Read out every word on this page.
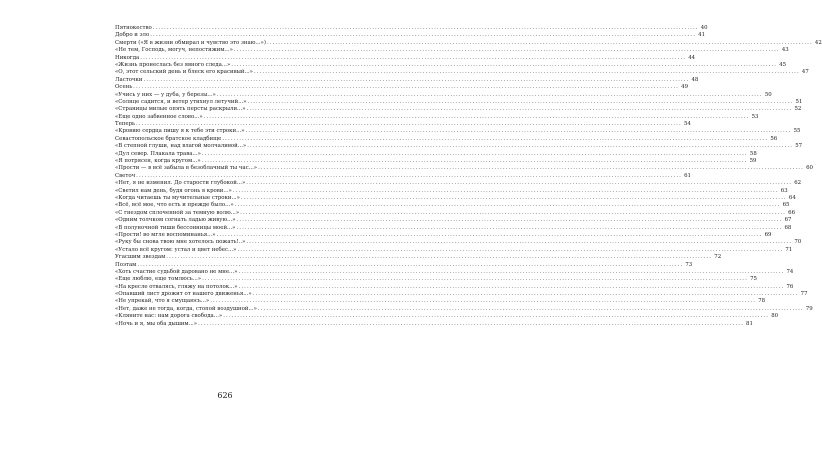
Пятнокество .....	40
Добро и зло .....	41
Смерти («Я в жизни обмирал и чувство это знаю...») .....	42
«Не тем, Господь, могуч, непостижим...» .....	43
Никогда .....	44
«Жизнь пронеслась без явного следа...» .....	45
«О, этот сельский день и блеск его красивый...» .....	47
Ласточки .....	48
Осень .....	49
«Учись у них — у дуба, у березы...» .....	50
«Солнце садится, и ветер утихнул летучий...» .....	51
«Страницы милые опять персты раскрыли...» .....	52
«Еще одно забвенное слово...» .....	53
Теперь .....	54
«Кровию сердца пишу я к тебе эти строки...» .....	55
Севастопольское братское кладбище .....	56
«В степной глуши, над влагой молчаливой...» .....	57
«Дул север. Плакала трава...» .....	58
«Я потрясен, когда кругом...» .....	59
«Прости — в всё забыла в безоблачный ты час...» .....	60
Светоч .....	61
«Нет, я не изменил. До старости глубокой...» .....	62
«Светил нам день, будя огонь в крови...» .....	63
«Когда читаешь ты мучительные строки...» .....	64
«Всё, всё мое, что есть и прежде было...» .....	65
«С гнездом сплоченной за темную волю...» .....	66
«Одним толчком согнать ладью живую...» .....	67
«В полуночной тиши бессонницы моей...» .....	68
«Прости! во мгле воспоминанья...» .....	69
«Руку бы снова твою мне хотелось пожать!..» .....	70
«Устало всё кругом: устал и цвет небес...» .....	71
Угасшим звездам .....	72
Поэтам .....	73
«Хоть счастие судьбой даровано не мне...» .....	74
«Еще люблю, еще томлюсь...» .....	75
«На кресле отвалясь, гляжу на потолок...» .....	76
«Опавший лист дрожит от нашего движенья...» .....	77
«Не упрекай, что я смущаюсь...» .....	78
«Нет, даже не тогда, когда, стопой воздушной...» .....	79
«Кляните нас: нам дорога свобода...» .....	80
«Ночь и я, мы оба дышим...» .....	81
626
